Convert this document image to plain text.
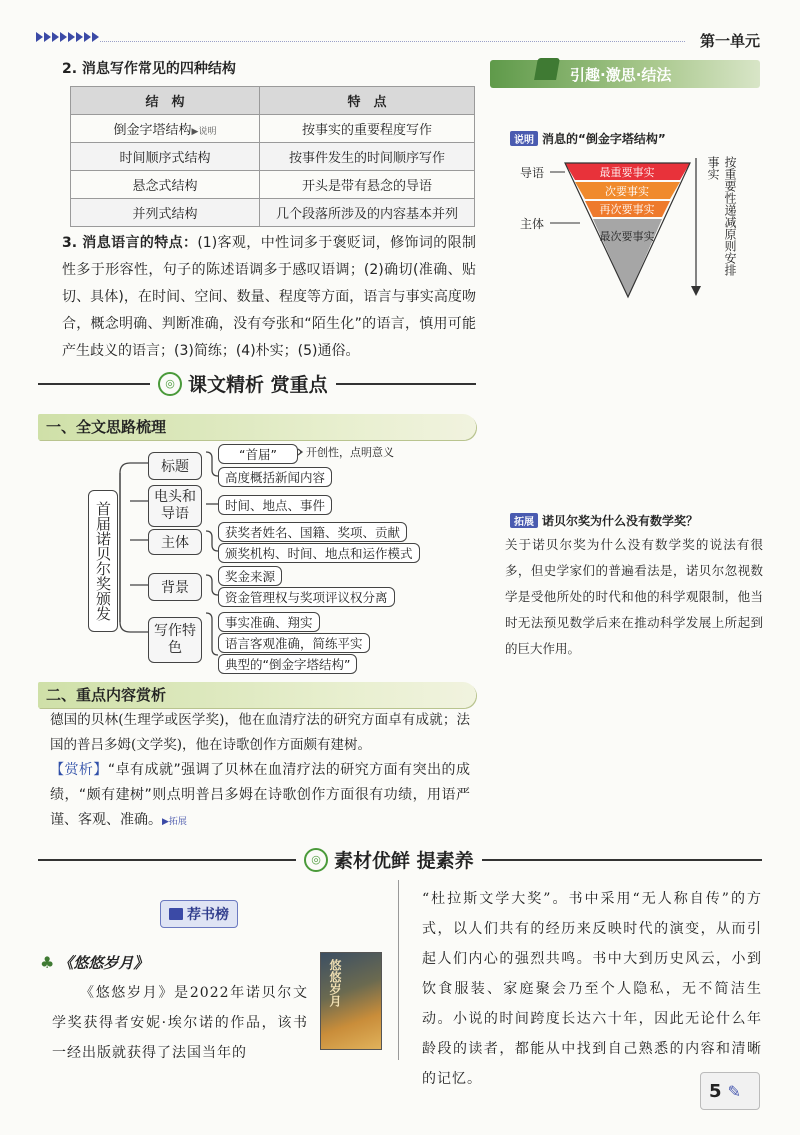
第一单元
2. 消息写作常见的四种结构
结　构	特　点
倒金字塔结构▶说明	按事实的重要程度写作
时间顺序式结构	按事件发生的时间顺序写作
悬念式结构	开头是带有悬念的导语
并列式结构	几个段落所涉及的内容基本并列
3. 消息语言的特点：(1)客观，中性词多于褒贬词，修饰词的限制性多于形容性，句子的陈述语调多于感叹语调；(2)确切(准确、贴切、具体)，在时间、空间、数量、程度等方面，语言与事实高度吻合，概念明确、判断准确，没有夸张和“陌生化”的语言，慎用可能产生歧义的语言；(3)简练；(4)朴实；(5)通俗。
◎ 课文精析 赏重点
一、全文思路梳理
首届诺贝尔奖颁发
标题
电头和导语
主体
背景
写作特色
“首届”	开创性，点明意义
高度概括新闻内容
时间、地点、事件
获奖者姓名、国籍、奖项、贡献
颁奖机构、时间、地点和运作模式
奖金来源
资金管理权与奖项评议权分离
事实准确、翔实
语言客观准确，简练平实
典型的“倒金字塔结构”
二、重点内容赏析
德国的贝林(生理学或医学奖)，他在血清疗法的研究方面卓有成就；法国的普吕多姆(文学奖)，他在诗歌创作方面颇有建树。
【赏析】“卓有成就”强调了贝林在血清疗法的研究方面有突出的成绩，“颇有建树”则点明普吕多姆在诗歌创作方面很有功绩，用语严谨、客观、准确。▶拓展
引趣·激思·结法
说明 消息的“倒金字塔结构”
最重要事实
次要事实
再次要事实
最次要事实
导语
主体	按重要性递减原则安排事实
拓展 诺贝尔奖为什么没有数学奖？
关于诺贝尔奖为什么没有数学奖的说法有很多，但史学家们的普遍看法是，诺贝尔忽视数学是受他所处的时代和他的科学观限制，他当时无法预见数学后来在推动科学发展上所起到的巨大作用。
◎ 素材优鲜 提素养
荐书榜
♣ 《悠悠岁月》	悠悠岁月
《悠悠岁月》是2022年诺贝尔文学奖获得者安妮·埃尔诺的作品，该书一经出版就获得了法国当年的
“杜拉斯文学大奖”。书中采用“无人称自传”的方式，以人们共有的经历来反映时代的演变，从而引起人们内心的强烈共鸣。书中大到历史风云，小到饮食服装、家庭聚会乃至个人隐私，无不简洁生动。小说的时间跨度长达六十年，因此无论什么年龄段的读者，都能从中找到自己熟悉的内容和清晰的记忆。
5 ✎
